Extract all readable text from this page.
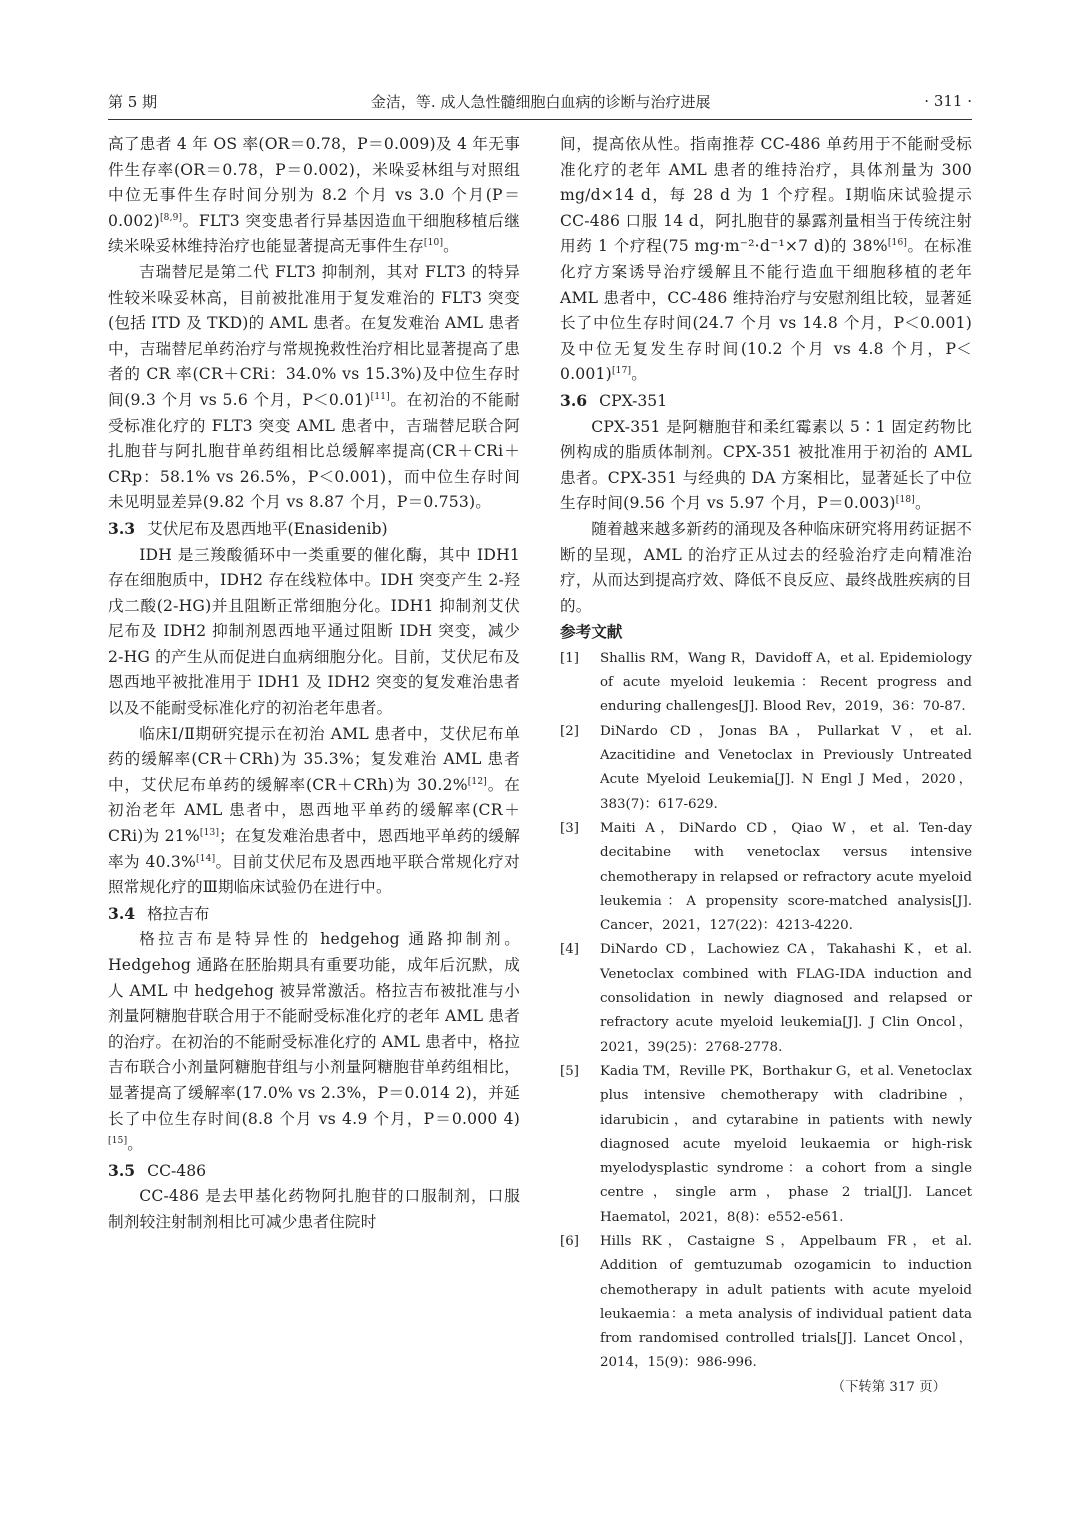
第 5 期	金洁，等. 成人急性髓细胞白血病的诊断与治疗进展	· 311 ·

高了患者 4 年 OS 率(OR＝0.78，P＝0.009)及 4 年无事件生存率(OR＝0.78，P＝0.002)，米哚妥林组与对照组中位无事件生存时间分别为 8.2 个月 vs 3.0 个月(P＝0.002)[8,9]。FLT3 突变患者行异基因造血干细胞移植后继续米哚妥林维持治疗也能显著提高无事件生存[10]。

吉瑞替尼是第二代 FLT3 抑制剂，其对 FLT3 的特异性较米哚妥林高，目前被批准用于复发难治的 FLT3 突变(包括 ITD 及 TKD)的 AML 患者。在复发难治 AML 患者中，吉瑞替尼单药治疗与常规挽救性治疗相比显著提高了患者的 CR 率(CR＋CRi：34.0% vs 15.3%)及中位生存时间(9.3 个月 vs 5.6 个月，P＜0.01)[11]。在初治的不能耐受标准化疗的 FLT3 突变 AML 患者中，吉瑞替尼联合阿扎胞苷与阿扎胞苷单药组相比总缓解率提高(CR＋CRi＋CRp：58.1% vs 26.5%，P＜0.001)，而中位生存时间未见明显差异(9.82 个月 vs 8.87 个月，P＝0.753)。

3.3 艾伏尼布及恩西地平(Enasidenib)

IDH 是三羧酸循环中一类重要的催化酶，其中 IDH1 存在细胞质中，IDH2 存在线粒体中。IDH 突变产生 2-羟戊二酸(2-HG)并且阻断正常细胞分化。IDH1 抑制剂艾伏尼布及 IDH2 抑制剂恩西地平通过阻断 IDH 突变，减少 2-HG 的产生从而促进白血病细胞分化。目前，艾伏尼布及恩西地平被批准用于 IDH1 及 IDH2 突变的复发难治患者以及不能耐受标准化疗的初治老年患者。

临床Ⅰ/Ⅱ期研究提示在初治 AML 患者中，艾伏尼布单药的缓解率(CR＋CRh)为 35.3%；复发难治 AML 患者中，艾伏尼布单药的缓解率(CR＋CRh)为 30.2%[12]。在初治老年 AML 患者中，恩西地平单药的缓解率(CR＋CRi)为 21%[13]；在复发难治患者中，恩西地平单药的缓解率为 40.3%[14]。目前艾伏尼布及恩西地平联合常规化疗对照常规化疗的Ⅲ期临床试验仍在进行中。

3.4 格拉吉布

格拉吉布是特异性的 hedgehog 通路抑制剂。Hedgehog 通路在胚胎期具有重要功能，成年后沉默，成人 AML 中 hedgehog 被异常激活。格拉吉布被批准与小剂量阿糖胞苷联合用于不能耐受标准化疗的老年 AML 患者的治疗。在初治的不能耐受标准化疗的 AML 患者中，格拉吉布联合小剂量阿糖胞苷组与小剂量阿糖胞苷单药组相比，显著提高了缓解率(17.0% vs 2.3%，P＝0.014 2)，并延长了中位生存时间(8.8 个月 vs 4.9 个月，P＝0.000 4)[15]。

3.5 CC-486

CC-486 是去甲基化药物阿扎胞苷的口服制剂，口服制剂较注射制剂相比可减少患者住院时

间，提高依从性。指南推荐 CC-486 单药用于不能耐受标准化疗的老年 AML 患者的维持治疗，具体剂量为 300 mg/d×14 d，每 28 d 为 1 个疗程。Ⅰ期临床试验提示 CC-486 口服 14 d，阿扎胞苷的暴露剂量相当于传统注射用药 1 个疗程(75 mg·m⁻²·d⁻¹×7 d)的 38%[16]。在标准化疗方案诱导治疗缓解且不能行造血干细胞移植的老年 AML 患者中，CC-486 维持治疗与安慰剂组比较，显著延长了中位生存时间(24.7 个月 vs 14.8 个月，P＜0.001)及中位无复发生存时间(10.2 个月 vs 4.8 个月，P＜0.001)[17]。

3.6 CPX-351

CPX-351 是阿糖胞苷和柔红霉素以 5∶1 固定药物比例构成的脂质体制剂。CPX-351 被批准用于初治的 AML 患者。CPX-351 与经典的 DA 方案相比，显著延长了中位生存时间(9.56 个月 vs 5.97 个月，P＝0.003)[18]。

随着越来越多新药的涌现及各种临床研究将用药证据不断的呈现，AML 的治疗正从过去的经验治疗走向精准治疗，从而达到提高疗效、降低不良反应、最终战胜疾病的目的。

参考文献
[1]	Shallis RM，Wang R，Davidoff A，et al. Epidemiology of acute myeloid leukemia：Recent progress and enduring challenges[J]. Blood Rev，2019，36：70-87.
[2]	DiNardo CD，Jonas BA，Pullarkat V，et al. Azacitidine and Venetoclax in Previously Untreated Acute Myeloid Leukemia[J]. N Engl J Med，2020，383(7)：617-629.
[3]	Maiti A，DiNardo CD，Qiao W，et al. Ten-day decitabine with venetoclax versus intensive chemotherapy in relapsed or refractory acute myeloid leukemia：A propensity score-matched analysis[J]. Cancer，2021，127(22)：4213-4220.
[4]	DiNardo CD，Lachowiez CA，Takahashi K，et al. Venetoclax combined with FLAG-IDA induction and consolidation in newly diagnosed and relapsed or refractory acute myeloid leukemia[J]. J Clin Oncol，2021，39(25)：2768-2778.
[5]	Kadia TM，Reville PK，Borthakur G，et al. Venetoclax plus intensive chemotherapy with cladribine，idarubicin，and cytarabine in patients with newly diagnosed acute myeloid leukaemia or high-risk myelodysplastic syndrome：a cohort from a single centre，single arm，phase 2 trial[J]. Lancet Haematol，2021，8(8)：e552-e561.
[6]	Hills RK，Castaigne S，Appelbaum FR，et al. Addition of gemtuzumab ozogamicin to induction chemotherapy in adult patients with acute myeloid leukaemia：a meta analysis of individual patient data from randomised controlled trials[J]. Lancet Oncol，2014，15(9)：986-996.
（下转第 317 页）
